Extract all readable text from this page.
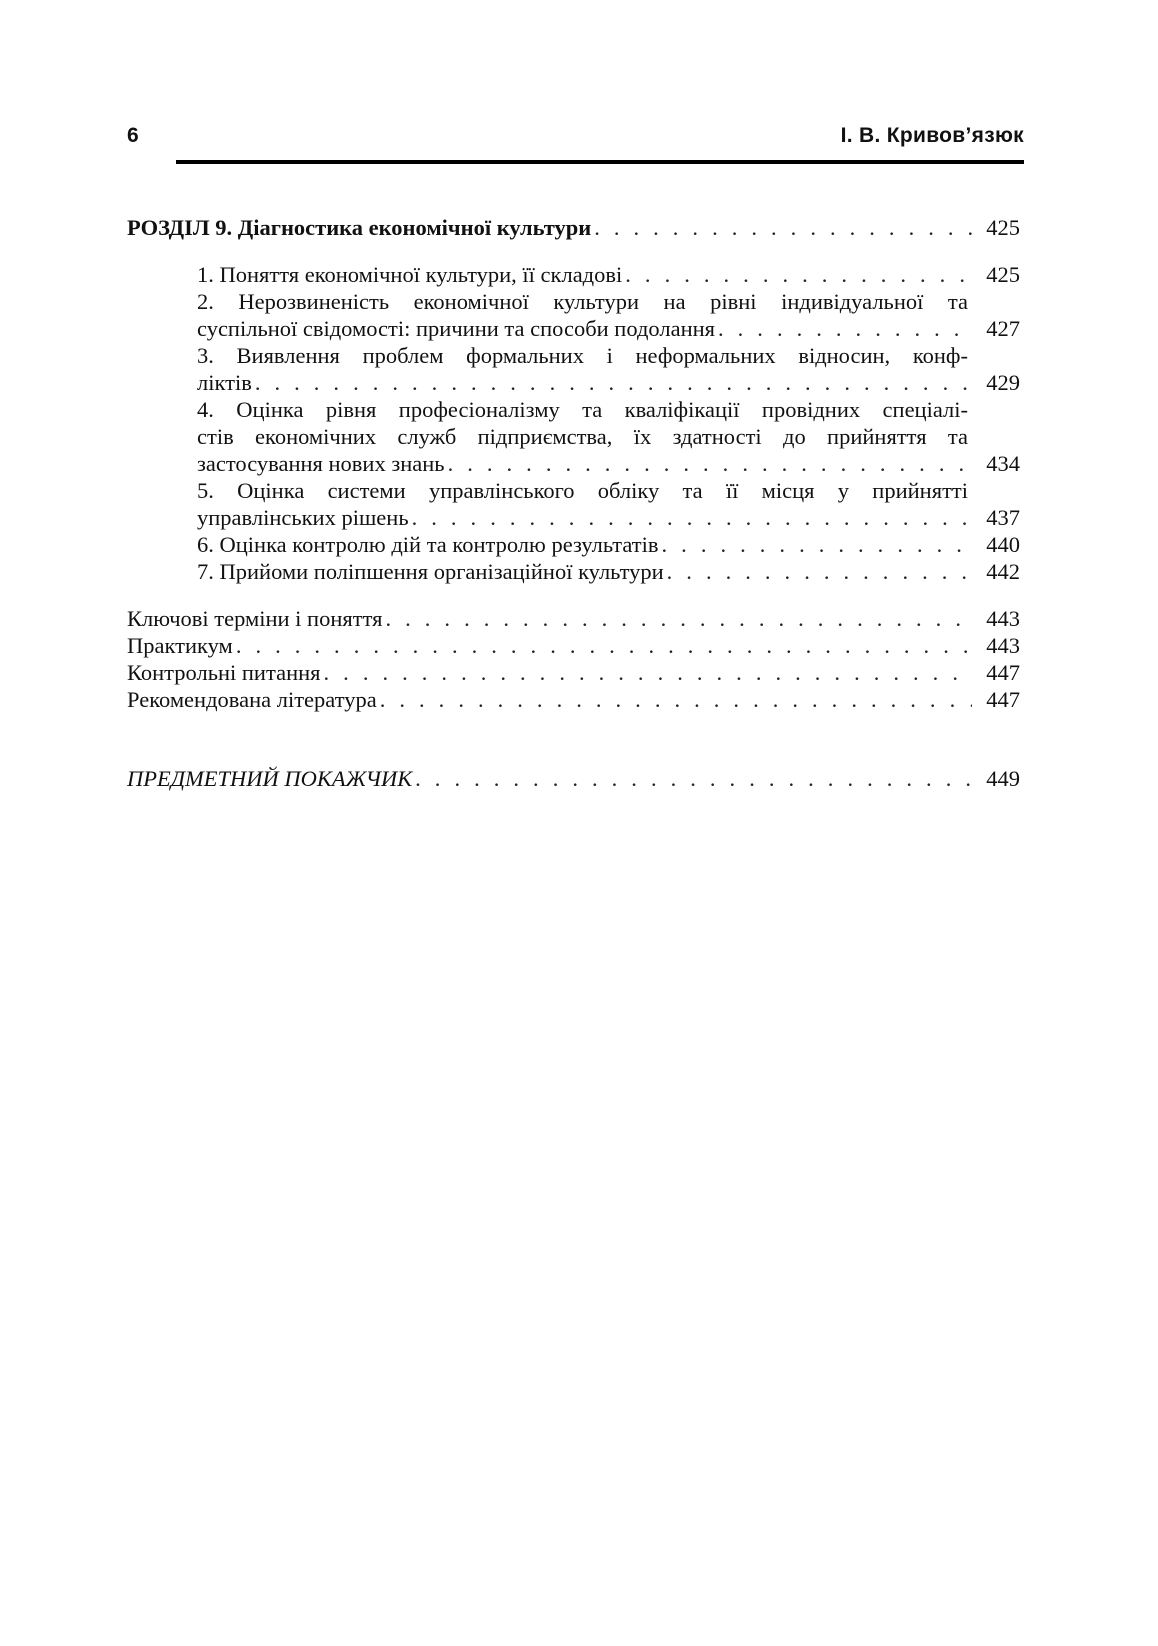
6	І. В. Кривов’язюк
РОЗДІЛ 9. Діагностика економічної культури . . .	425
1. Поняття економічної культури, її складові . . .	425
2. Нерозвиненість економічної культури на рівні індивідуальної та
суспільної свідомості: причини та способи подолання . . .	427
3. Виявлення проблем формальних і неформальних відносин, конф-
ліктів . . .	429
4. Оцінка рівня професіоналізму та кваліфікації провідних спеціалі-
стів економічних служб підприємства, їх здатності до прийняття та
застосування нових знань . . .	434
5. Оцінка системи управлінського обліку та її місця у прийнятті
управлінських рішень . . .	437
6. Оцінка контролю дій та контролю результатів . . .	440
7. Прийоми поліпшення організаційної культури . . .	442
Ключові терміни і поняття . . .	443
Практикум . . .	443
Контрольні питання . . .	447
Рекомендована література . . .	447
ПРЕДМЕТНИЙ ПОКАЖЧИК . . .	449
